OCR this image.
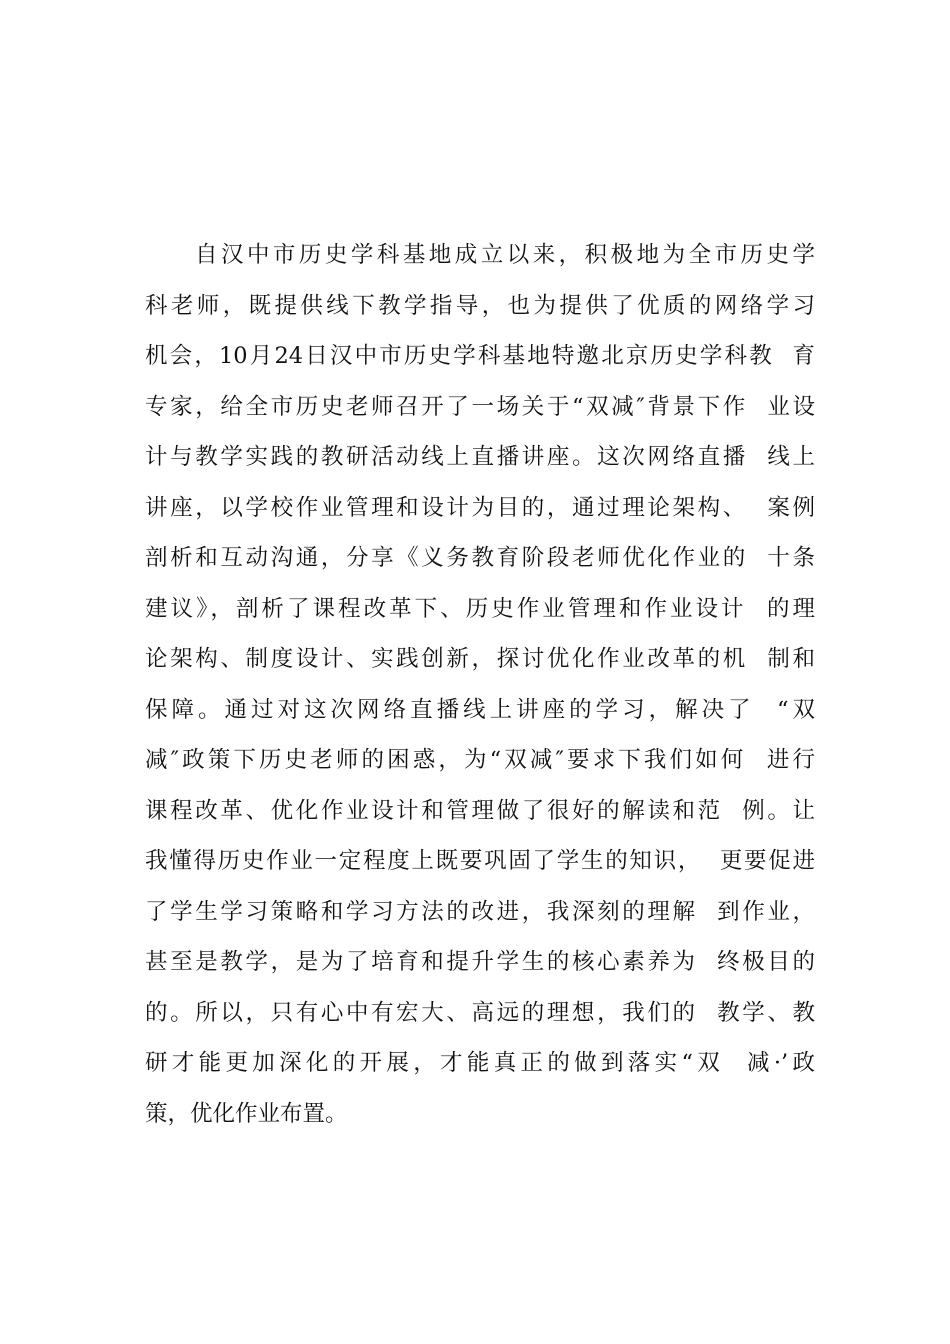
自汉中市历史学科基地成立以来，积极地为全市历史学
科老师，既提供线下教学指导，也为提供了优质的网络学习
机会，10月24日汉中市历史学科基地特邀北京历史学科教  育
专家，给全市历史老师召开了一场关于“双减″背景下作  业设
计与教学实践的教研活动线上直播讲座。这次网络直播  线上
讲座，以学校作业管理和设计为目的，通过理论架构、  案例
剖析和互动沟通，分享《义务教育阶段老师优化作业的  十条
建议》，剖析了课程改革下、历史作业管理和作业设计  的理
论架构、制度设计、实践创新，探讨优化作业改革的机  制和
保障。通过对这次网络直播线上讲座的学习，解决了  “双
减″政策下历史老师的困惑，为“双减″要求下我们如何  进行
课程改革、优化作业设计和管理做了很好的解读和范  例。让
我懂得历史作业一定程度上既要巩固了学生的知识，  更要促进
了学生学习策略和学习方法的改进，我深刻的理解  到作业，
甚至是教学，是为了培育和提升学生的核心素养为  终极目的
的。所以，只有心中有宏大、高远的理想，我们的  教学、教
研才能更加深化的开展，才能真正的做到落实“双  减·’政
策，优化作业布置。
